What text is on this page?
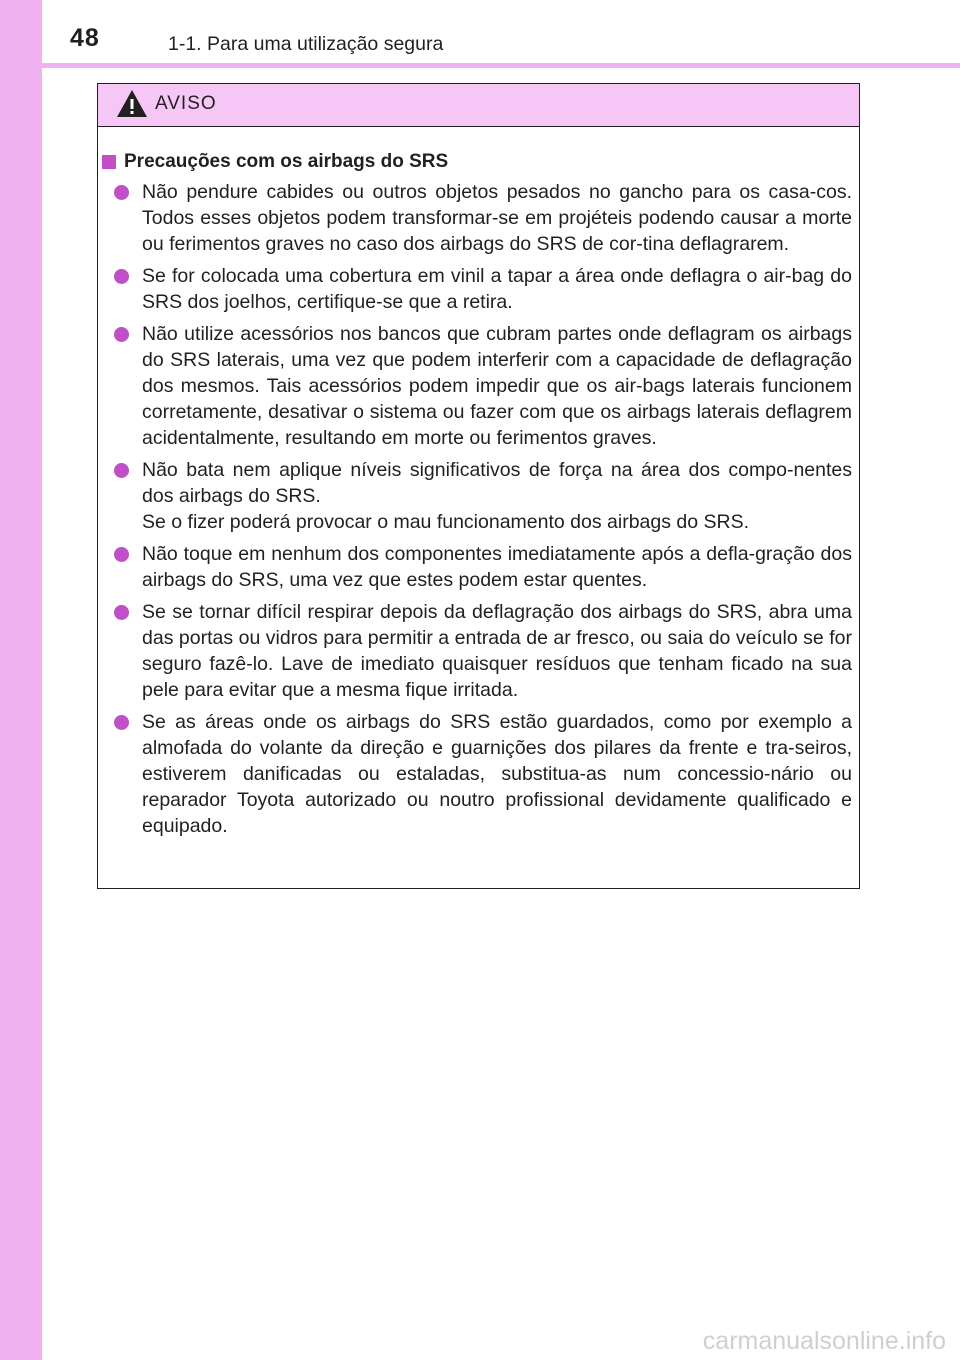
48	1-1. Para uma utilização segura
AVISO
Precauções com os airbags do SRS
Não pendure cabides ou outros objetos pesados no gancho para os casa-cos. Todos esses objetos podem transformar-se em projéteis podendo causar a morte ou ferimentos graves no caso dos airbags do SRS de cor-tina deflagrarem.
Se for colocada uma cobertura em vinil a tapar a área onde deflagra o air-bag do SRS dos joelhos, certifique-se que a retira.
Não utilize acessórios nos bancos que cubram partes onde deflagram os airbags do SRS laterais, uma vez que podem interferir com a capacidade de deflagração dos mesmos. Tais acessórios podem impedir que os air-bags laterais funcionem corretamente, desativar o sistema ou fazer com que os airbags laterais deflagrem acidentalmente, resultando em morte ou ferimentos graves.
Não bata nem aplique níveis significativos de força na área dos compo-nentes dos airbags do SRS.
Se o fizer poderá provocar o mau funcionamento dos airbags do SRS.
Não toque em nenhum dos componentes imediatamente após a defla-gração dos airbags do SRS, uma vez que estes podem estar quentes.
Se se tornar difícil respirar depois da deflagração dos airbags do SRS, abra uma das portas ou vidros para permitir a entrada de ar fresco, ou saia do veículo se for seguro fazê-lo. Lave de imediato quaisquer resíduos que tenham ficado na sua pele para evitar que a mesma fique irritada.
Se as áreas onde os airbags do SRS estão guardados, como por exemplo a almofada do volante da direção e guarnições dos pilares da frente e tra-seiros, estiverem danificadas ou estaladas, substitua-as num concessio-nário ou reparador Toyota autorizado ou noutro profissional devidamente qualificado e equipado.
carmanualsonline.info
